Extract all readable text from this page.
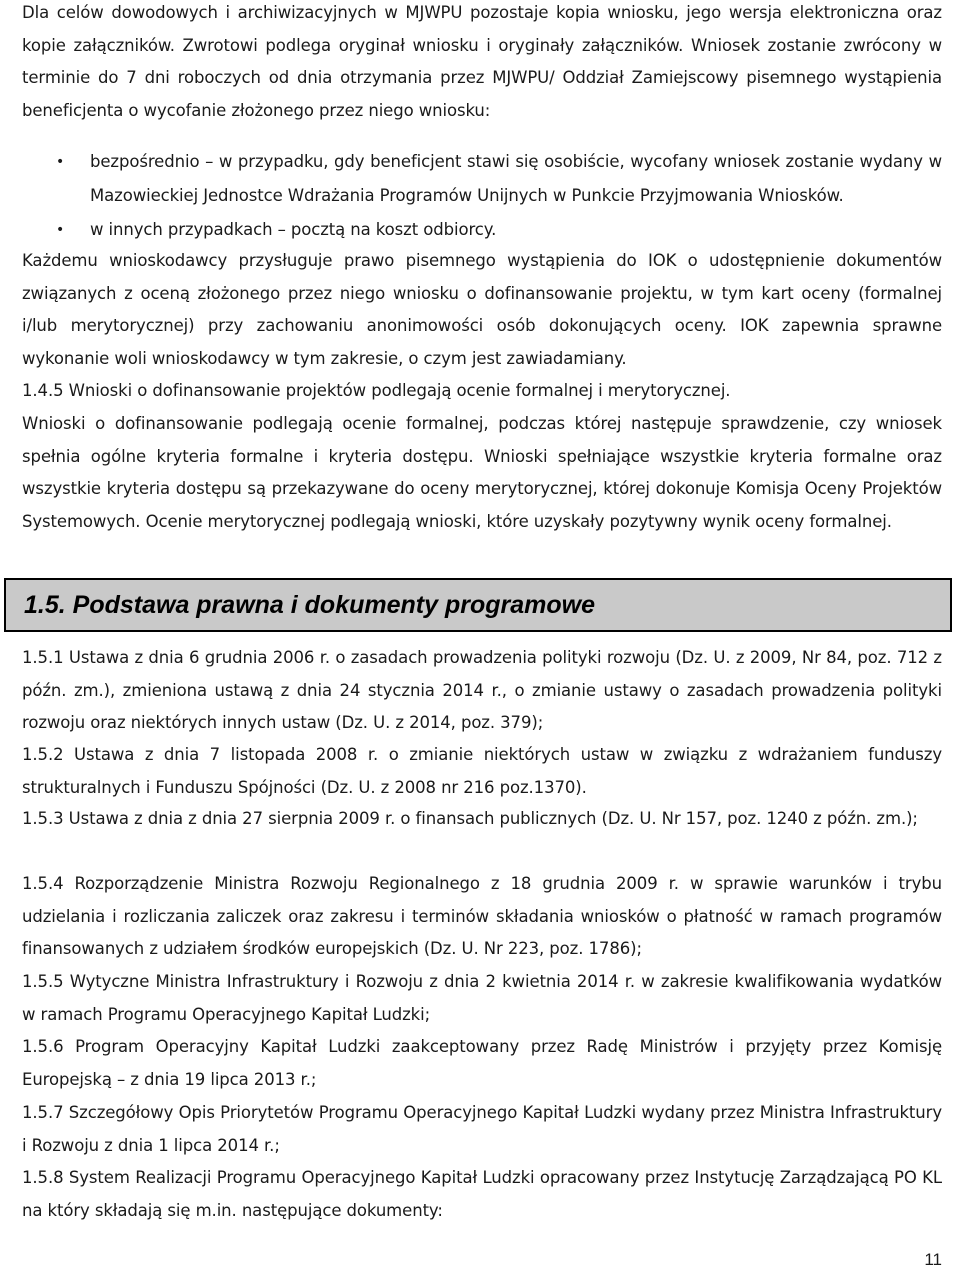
Dla celów dowodowych i archiwizacyjnych w MJWPU pozostaje kopia wniosku, jego wersja elektroniczna oraz kopie załączników. Zwrotowi podlega oryginał wniosku i oryginały załączników. Wniosek zostanie zwrócony w terminie do 7 dni roboczych od dnia otrzymania przez MJWPU/ Oddział Zamiejscowy pisemnego wystąpienia beneficjenta o wycofanie złożonego przez niego wniosku:

• bezpośrednio – w przypadku, gdy beneficjent stawi się osobiście, wycofany wniosek zostanie wydany w Mazowieckiej Jednostce Wdrażania Programów Unijnych w Punkcie Przyjmowania Wniosków.
• w innych przypadkach – pocztą na koszt odbiorcy.

Każdemu wnioskodawcy przysługuje prawo pisemnego wystąpienia do IOK o udostępnienie dokumentów związanych z oceną złożonego przez niego wniosku o dofinansowanie projektu, w tym kart oceny (formalnej i/lub merytorycznej) przy zachowaniu anonimowości osób dokonujących oceny. IOK zapewnia sprawne wykonanie woli wnioskodawcy w tym zakresie, o czym jest zawiadamiany.

1.4.5 Wnioski o dofinansowanie projektów podlegają ocenie formalnej i merytorycznej.

Wnioski o dofinansowanie podlegają ocenie formalnej, podczas której następuje sprawdzenie, czy wniosek spełnia ogólne kryteria formalne i kryteria dostępu. Wnioski spełniające wszystkie kryteria formalne oraz wszystkie kryteria dostępu są przekazywane do oceny merytorycznej, której dokonuje Komisja Oceny Projektów Systemowych. Ocenie merytorycznej podlegają wnioski, które uzyskały pozytywny wynik oceny formalnej.

1.5. Podstawa prawna i dokumenty programowe

1.5.1 Ustawa z dnia 6 grudnia 2006 r. o zasadach prowadzenia polityki rozwoju (Dz. U. z 2009, Nr 84, poz. 712 z późn. zm.), zmieniona ustawą z dnia 24 stycznia 2014 r., o zmianie ustawy o zasadach prowadzenia polityki rozwoju oraz niektórych innych ustaw (Dz. U. z 2014, poz. 379);

1.5.2 Ustawa z dnia 7 listopada 2008 r. o zmianie niektórych ustaw w związku z wdrażaniem funduszy strukturalnych i Funduszu Spójności (Dz. U. z 2008 nr 216 poz.1370).

1.5.3 Ustawa z dnia z dnia 27 sierpnia 2009 r. o finansach publicznych (Dz. U. Nr 157, poz. 1240 z późn. zm.);

1.5.4 Rozporządzenie Ministra Rozwoju Regionalnego z 18 grudnia 2009 r. w sprawie warunków i trybu udzielania i rozliczania zaliczek oraz zakresu i terminów składania wniosków o płatność w ramach programów finansowanych z udziałem środków europejskich (Dz. U. Nr 223, poz. 1786);

1.5.5 Wytyczne Ministra Infrastruktury i Rozwoju z dnia 2 kwietnia 2014 r. w zakresie kwalifikowania wydatków w ramach Programu Operacyjnego Kapitał Ludzki;

1.5.6 Program Operacyjny Kapitał Ludzki zaakceptowany przez Radę Ministrów i przyjęty przez Komisję Europejską – z dnia 19 lipca 2013 r.;

1.5.7 Szczegółowy Opis Priorytetów Programu Operacyjnego Kapitał Ludzki wydany przez Ministra Infrastruktury i Rozwoju z dnia 1 lipca 2014 r.;

1.5.8 System Realizacji Programu Operacyjnego Kapitał Ludzki opracowany przez Instytucję Zarządzającą PO KL na który składają się m.in. następujące dokumenty:

11
